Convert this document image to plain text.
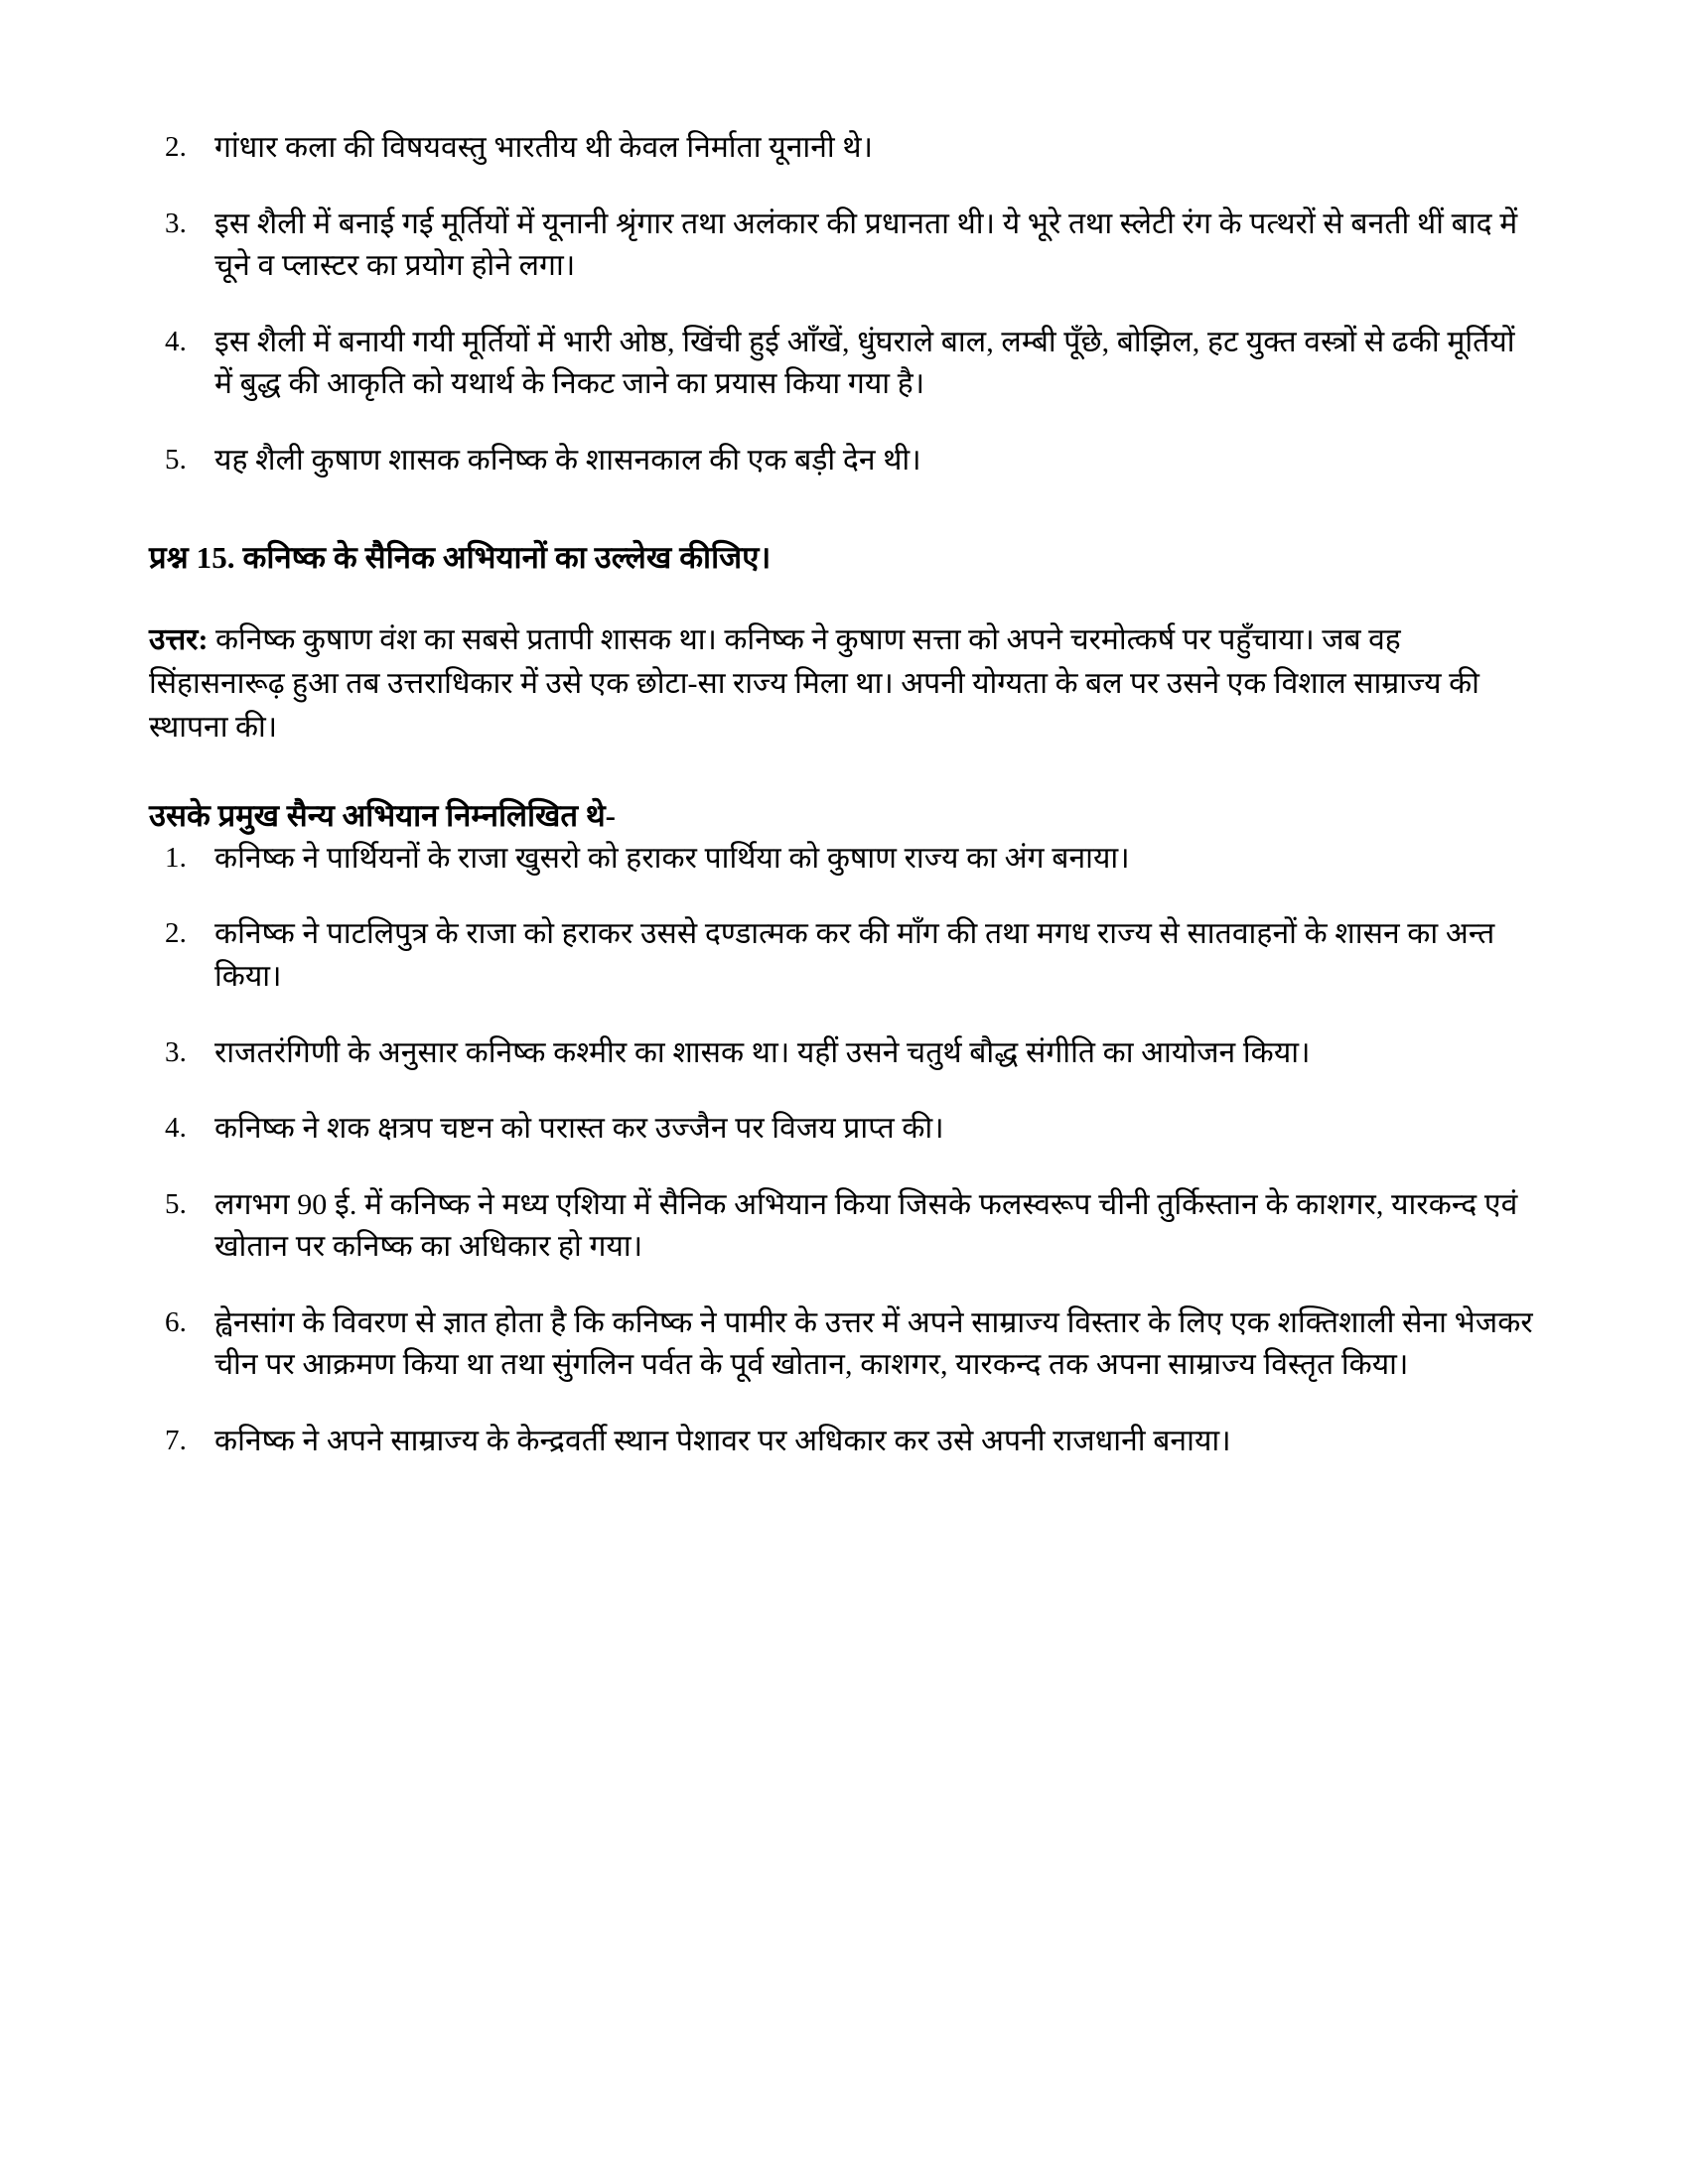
2. गांधार कला की विषयवस्तु भारतीय थी केवल निर्माता यूनानी थे।
3. इस शैली में बनाई गई मूर्तियों में यूनानी श्रृंगार तथा अलंकार की प्रधानता थी। ये भूरे तथा स्लेटी रंग के पत्थरों से बनती थीं बाद में चूने व प्लास्टर का प्रयोग होने लगा।
4. इस शैली में बनायी गयी मूर्तियों में भारी ओष्ठ, खिंची हुई आँखें, धुंघराले बाल, लम्बी पूँछे, बोझिल, हट युक्त वस्त्रों से ढकी मूर्तियों में बुद्ध की आकृति को यथार्थ के निकट जाने का प्रयास किया गया है।
5. यह शैली कुषाण शासक कनिष्क के शासनकाल की एक बड़ी देन थी।
प्रश्न 15. कनिष्क के सैनिक अभियानों का उल्लेख कीजिए।

उत्तर: कनिष्क कुषाण वंश का सबसे प्रतापी शासक था। कनिष्क ने कुषाण सत्ता को अपने चरमोत्कर्ष पर पहुँचाया। जब वह सिंहासनारूढ़ हुआ तब उत्तराधिकार में उसे एक छोटा-सा राज्य मिला था। अपनी योग्यता के बल पर उसने एक विशाल साम्राज्य की स्थापना की।

उसके प्रमुख सैन्य अभियान निम्नलिखित थे-
1. कनिष्क ने पार्थियनों के राजा खुसरो को हराकर पार्थिया को कुषाण राज्य का अंग बनाया।
2. कनिष्क ने पाटलिपुत्र के राजा को हराकर उससे दण्डात्मक कर की माँग की तथा मगध राज्य से सातवाहनों के शासन का अन्त किया।
3. राजतरंगिणी के अनुसार कनिष्क कश्मीर का शासक था। यहीं उसने चतुर्थ बौद्ध संगीति का आयोजन किया।
4. कनिष्क ने शक क्षत्रप चष्टन को परास्त कर उज्जैन पर विजय प्राप्त की।
5. लगभग 90 ई. में कनिष्क ने मध्य एशिया में सैनिक अभियान किया जिसके फलस्वरूप चीनी तुर्किस्तान के काशगर, यारकन्द एवं खोतान पर कनिष्क का अधिकार हो गया।
6. ह्वेनसांग के विवरण से ज्ञात होता है कि कनिष्क ने पामीर के उत्तर में अपने साम्राज्य विस्तार के लिए एक शक्तिशाली सेना भेजकर चीन पर आक्रमण किया था तथा सुंगलिन पर्वत के पूर्व खोतान, काशगर, यारकन्द तक अपना साम्राज्य विस्तृत किया।
7. कनिष्क ने अपने साम्राज्य के केन्द्रवर्ती स्थान पेशावर पर अधिकार कर उसे अपनी राजधानी बनाया।
